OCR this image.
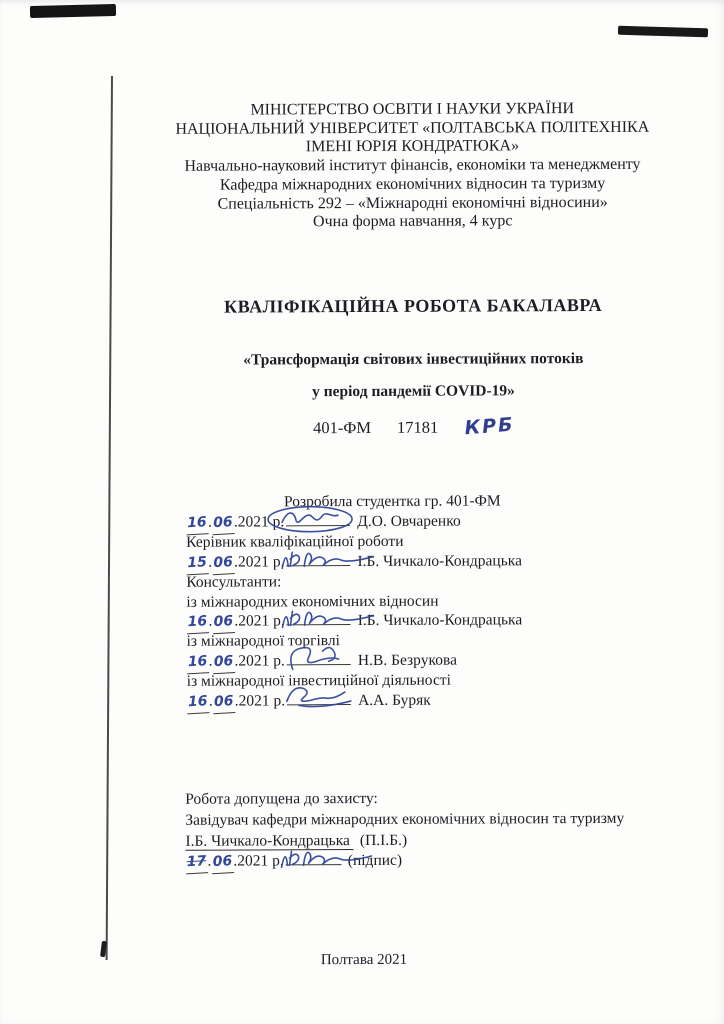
МІНІСТЕРСТВО ОСВІТИ І НАУКИ УКРАЇНИ
НАЦІОНАЛЬНИЙ УНІВЕРСИТЕТ «ПОЛТАВСЬКА ПОЛІТЕХНІКА
ІМЕНІ ЮРІЯ КОНДРАТЮКА»
Навчально-науковий інститут фінансів, економіки та менеджменту
Кафедра міжнародних економічних відносин та туризму
Спеціальність 292 – «Міжнародні економічні відносини»
Очна форма навчання, 4 курс
КВАЛІФІКАЦІЙНА РОБОТА БАКАЛАВРА
«Трансформація світових інвестиційних потоків
у період пандемії COVID-19»
401-ФМ 17181 КРБ
Розробила студентка гр. 401-ФМ
16.06.2021 р.	Д.О. Овчаренко
Керівник кваліфікаційної роботи
15.06.2021 р.	І.Б. Чичкало-Кондрацька
Консультанти:
із міжнародних економічних відносин
16.06.2021 р.	І.Б. Чичкало-Кондрацька
із міжнародної торгівлі
16.06.2021 р.	Н.В. Безрукова
із міжнародної інвестиційної діяльності
16.06.2021 р.	А.А. Буряк
Робота допущена до захисту:
Завідувач кафедри міжнародних економічних відносин та туризму
І.Б. Чичкало-Кондрацька (П.І.Б.)
17.06.2021 р.	(підпис)
Полтава 2021
